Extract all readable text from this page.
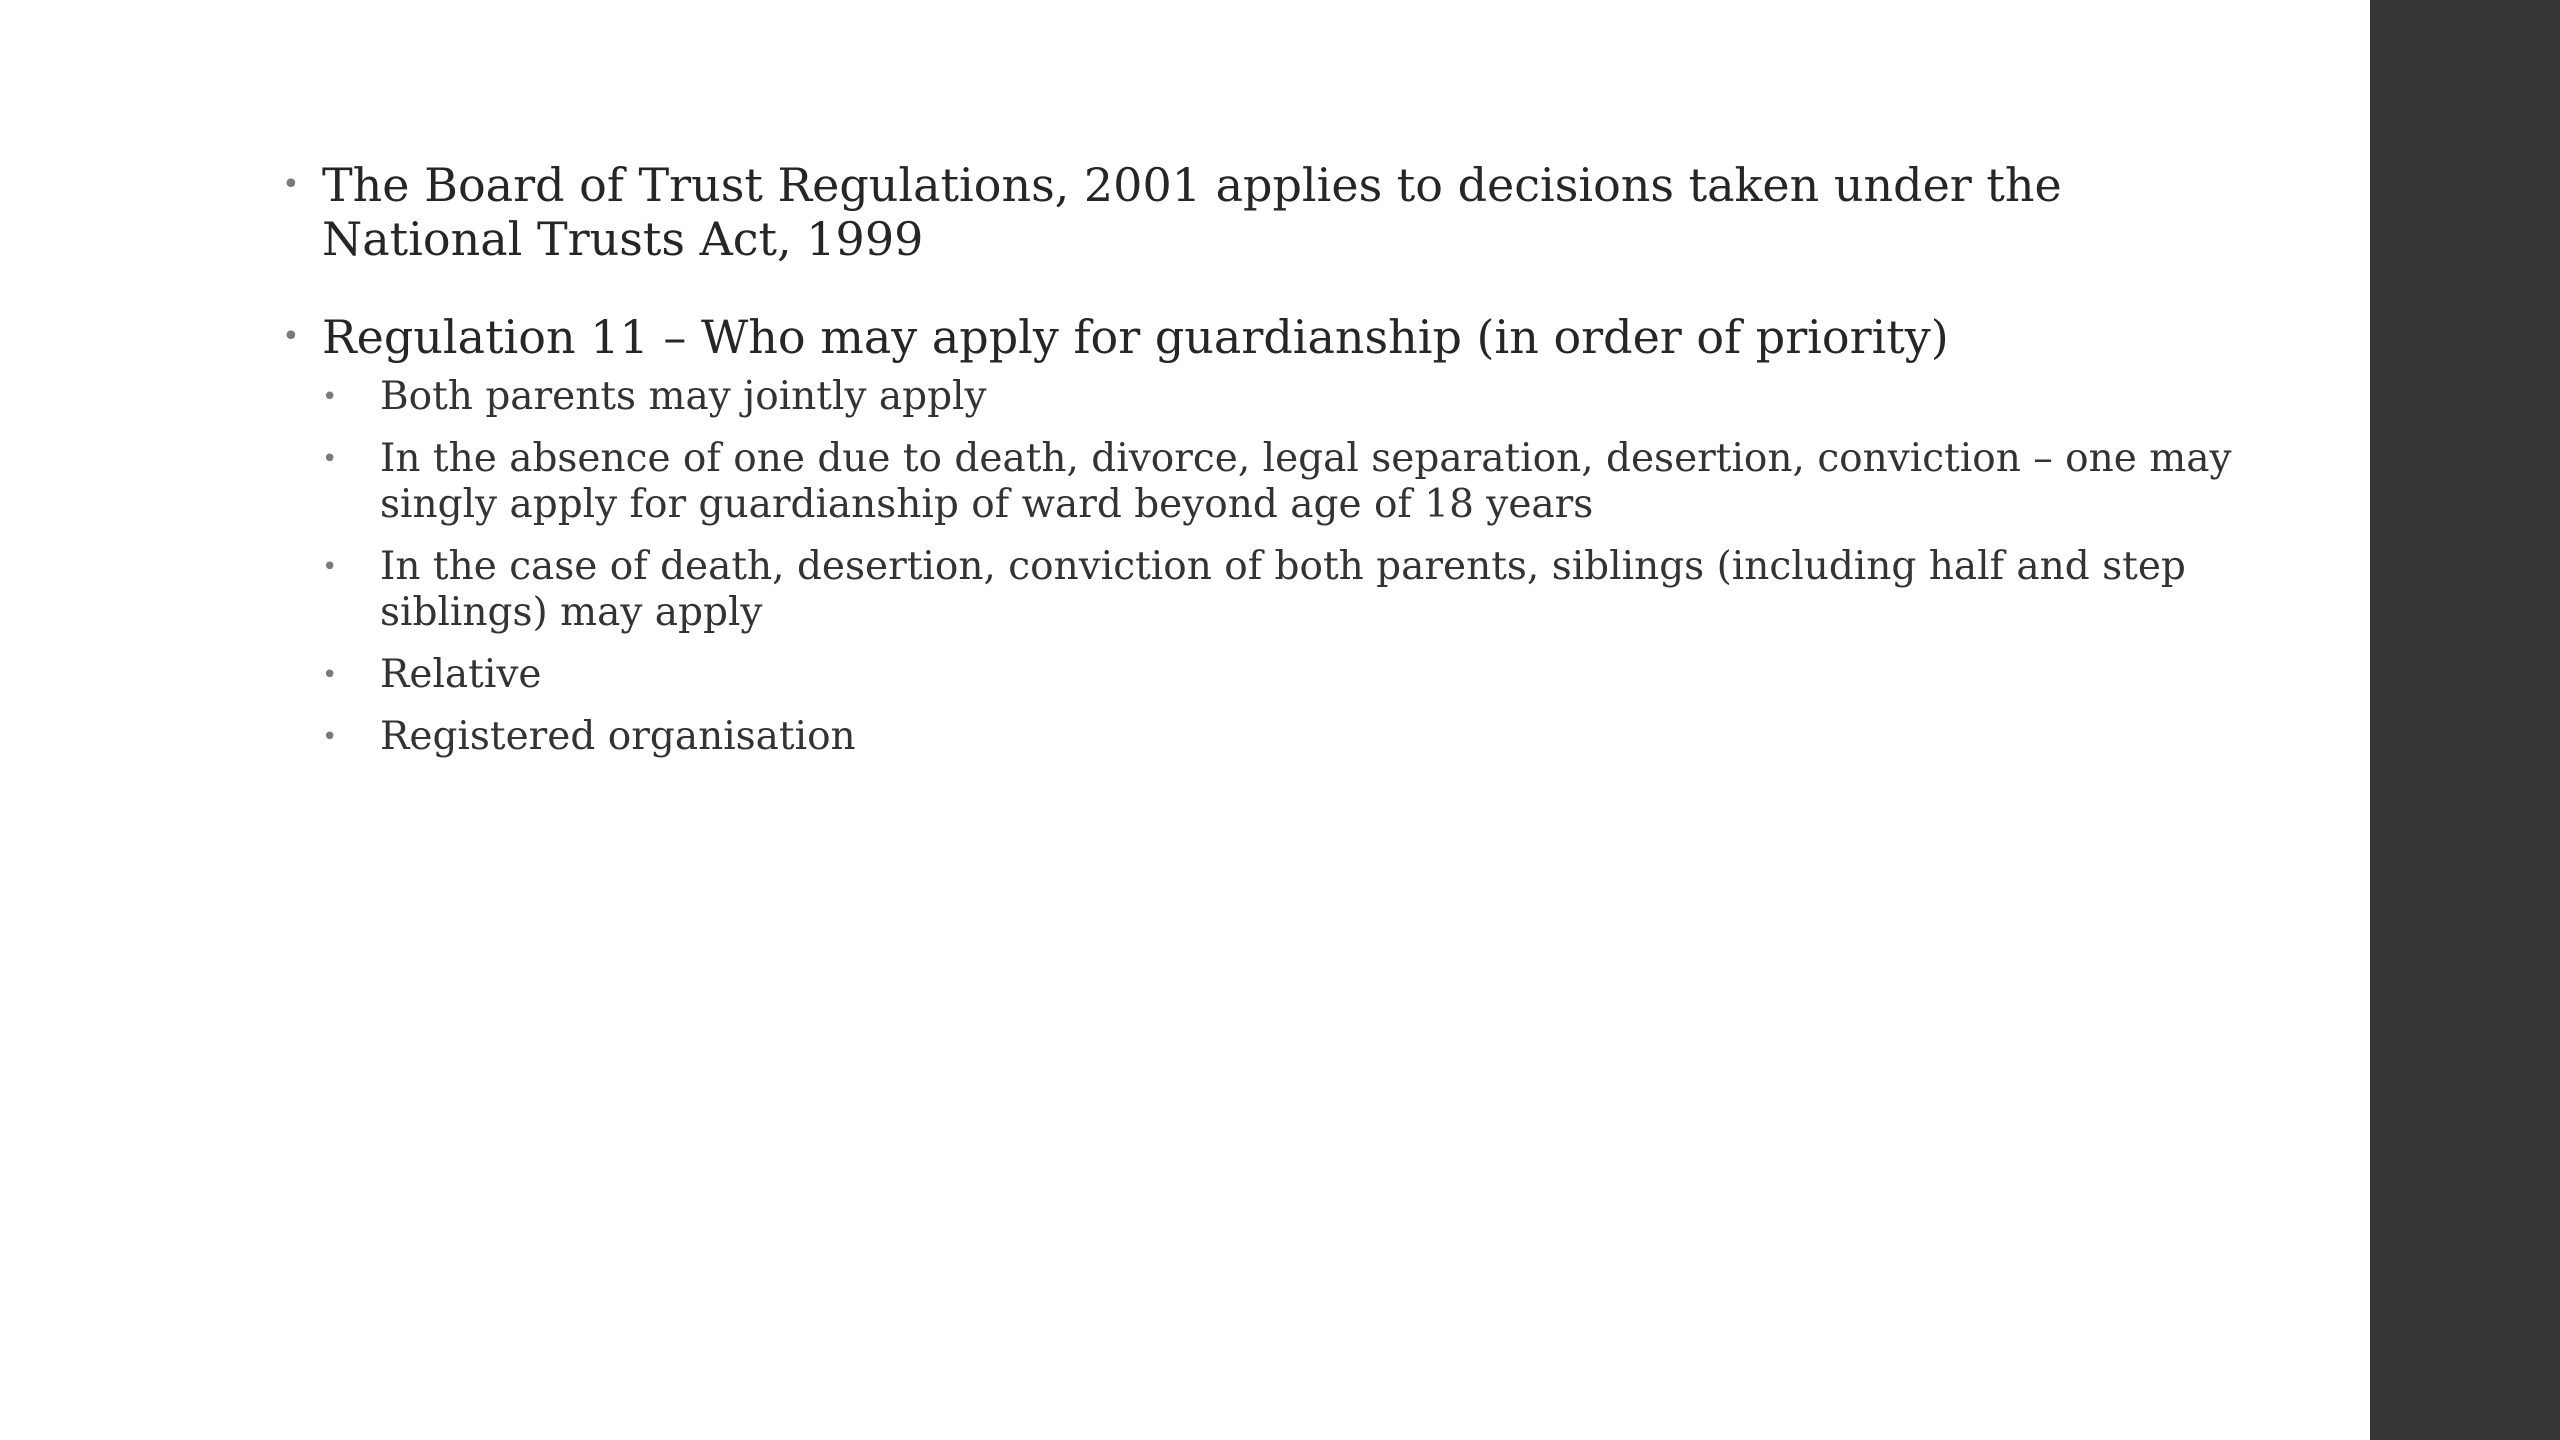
• The Board of Trust Regulations, 2001 applies to decisions taken under the National Trusts Act, 1999
• Regulation 11 – Who may apply for guardianship (in order of priority)
• Both parents may jointly apply
• In the absence of one due to death, divorce, legal separation, desertion, conviction – one may singly apply for guardianship of ward beyond age of 18 years
• In the case of death, desertion, conviction of both parents, siblings (including half and step siblings) may apply
• Relative
• Registered organisation
